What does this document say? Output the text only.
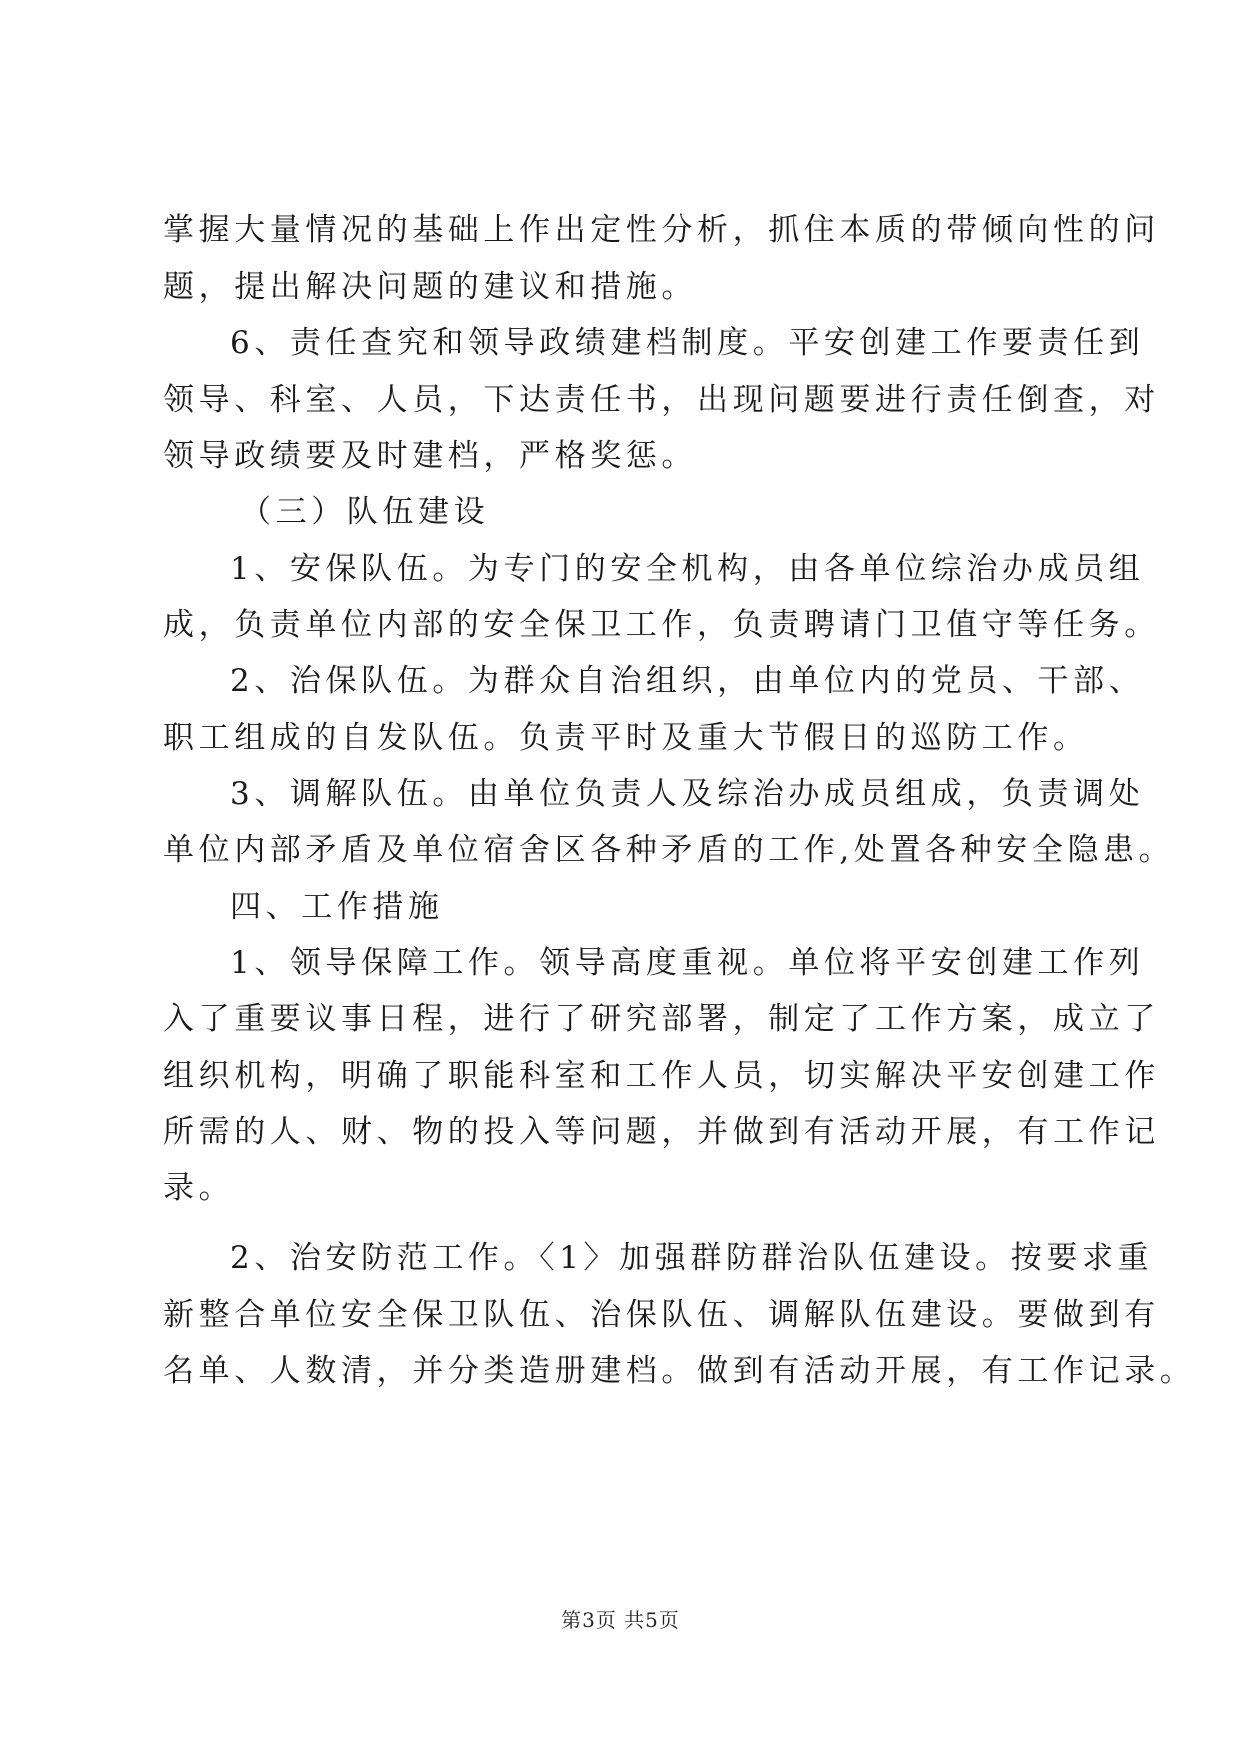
掌握大量情况的基础上作出定性分析，抓住本质的带倾向性的问
题，提出解决问题的建议和措施。
6、责任查究和领导政绩建档制度。平安创建工作要责任到
领导、科室、人员，下达责任书，出现问题要进行责任倒查，对
领导政绩要及时建档，严格奖惩。
（三）队伍建设
1、安保队伍。为专门的安全机构，由各单位综治办成员组
成，负责单位内部的安全保卫工作，负责聘请门卫值守等任务。
2、治保队伍。为群众自治组织，由单位内的党员、干部、
职工组成的自发队伍。负责平时及重大节假日的巡防工作。
3、调解队伍。由单位负责人及综治办成员组成，负责调处
单位内部矛盾及单位宿舍区各种矛盾的工作,处置各种安全隐患。
四、工作措施
1、领导保障工作。领导高度重视。单位将平安创建工作列
入了重要议事日程，进行了研究部署，制定了工作方案，成立了
组织机构，明确了职能科室和工作人员，切实解决平安创建工作
所需的人、财、物的投入等问题，并做到有活动开展，有工作记
录。
2、治安防范工作。〈1〉加强群防群治队伍建设。按要求重
新整合单位安全保卫队伍、治保队伍、调解队伍建设。要做到有
名单、人数清，并分类造册建档。做到有活动开展，有工作记录。
第3页 共5页
